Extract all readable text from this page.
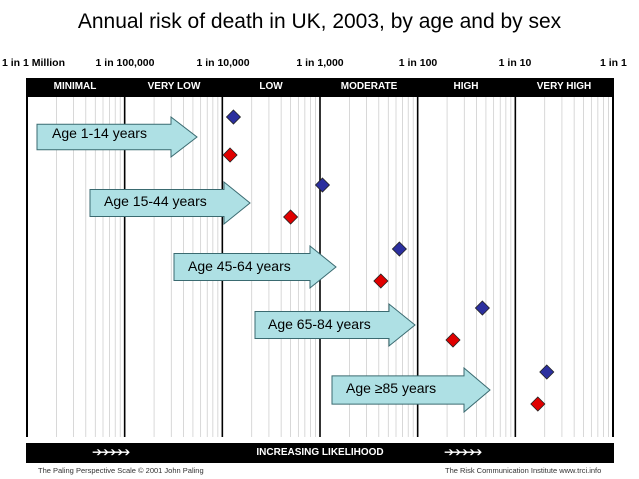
Annual risk of death in UK, 2003, by age and by sex
1 in 1 Million	1 in 100,000	1 in 10,000	1 in 1,000	1 in 100	1 in 10	1 in 1
MINIMAL	VERY LOW	LOW	MODERATE	HIGH	VERY HIGH
Age 1-14 years
Age 15-44 years
Age 45-64 years
Age 65-84 years
Age ≥85 years
➔➔➔➔➔	INCREASING LIKELIHOOD	➔➔➔➔➔
The Paling Perspective Scale © 2001 John Paling	The Risk Communication Institute www.trci.info
